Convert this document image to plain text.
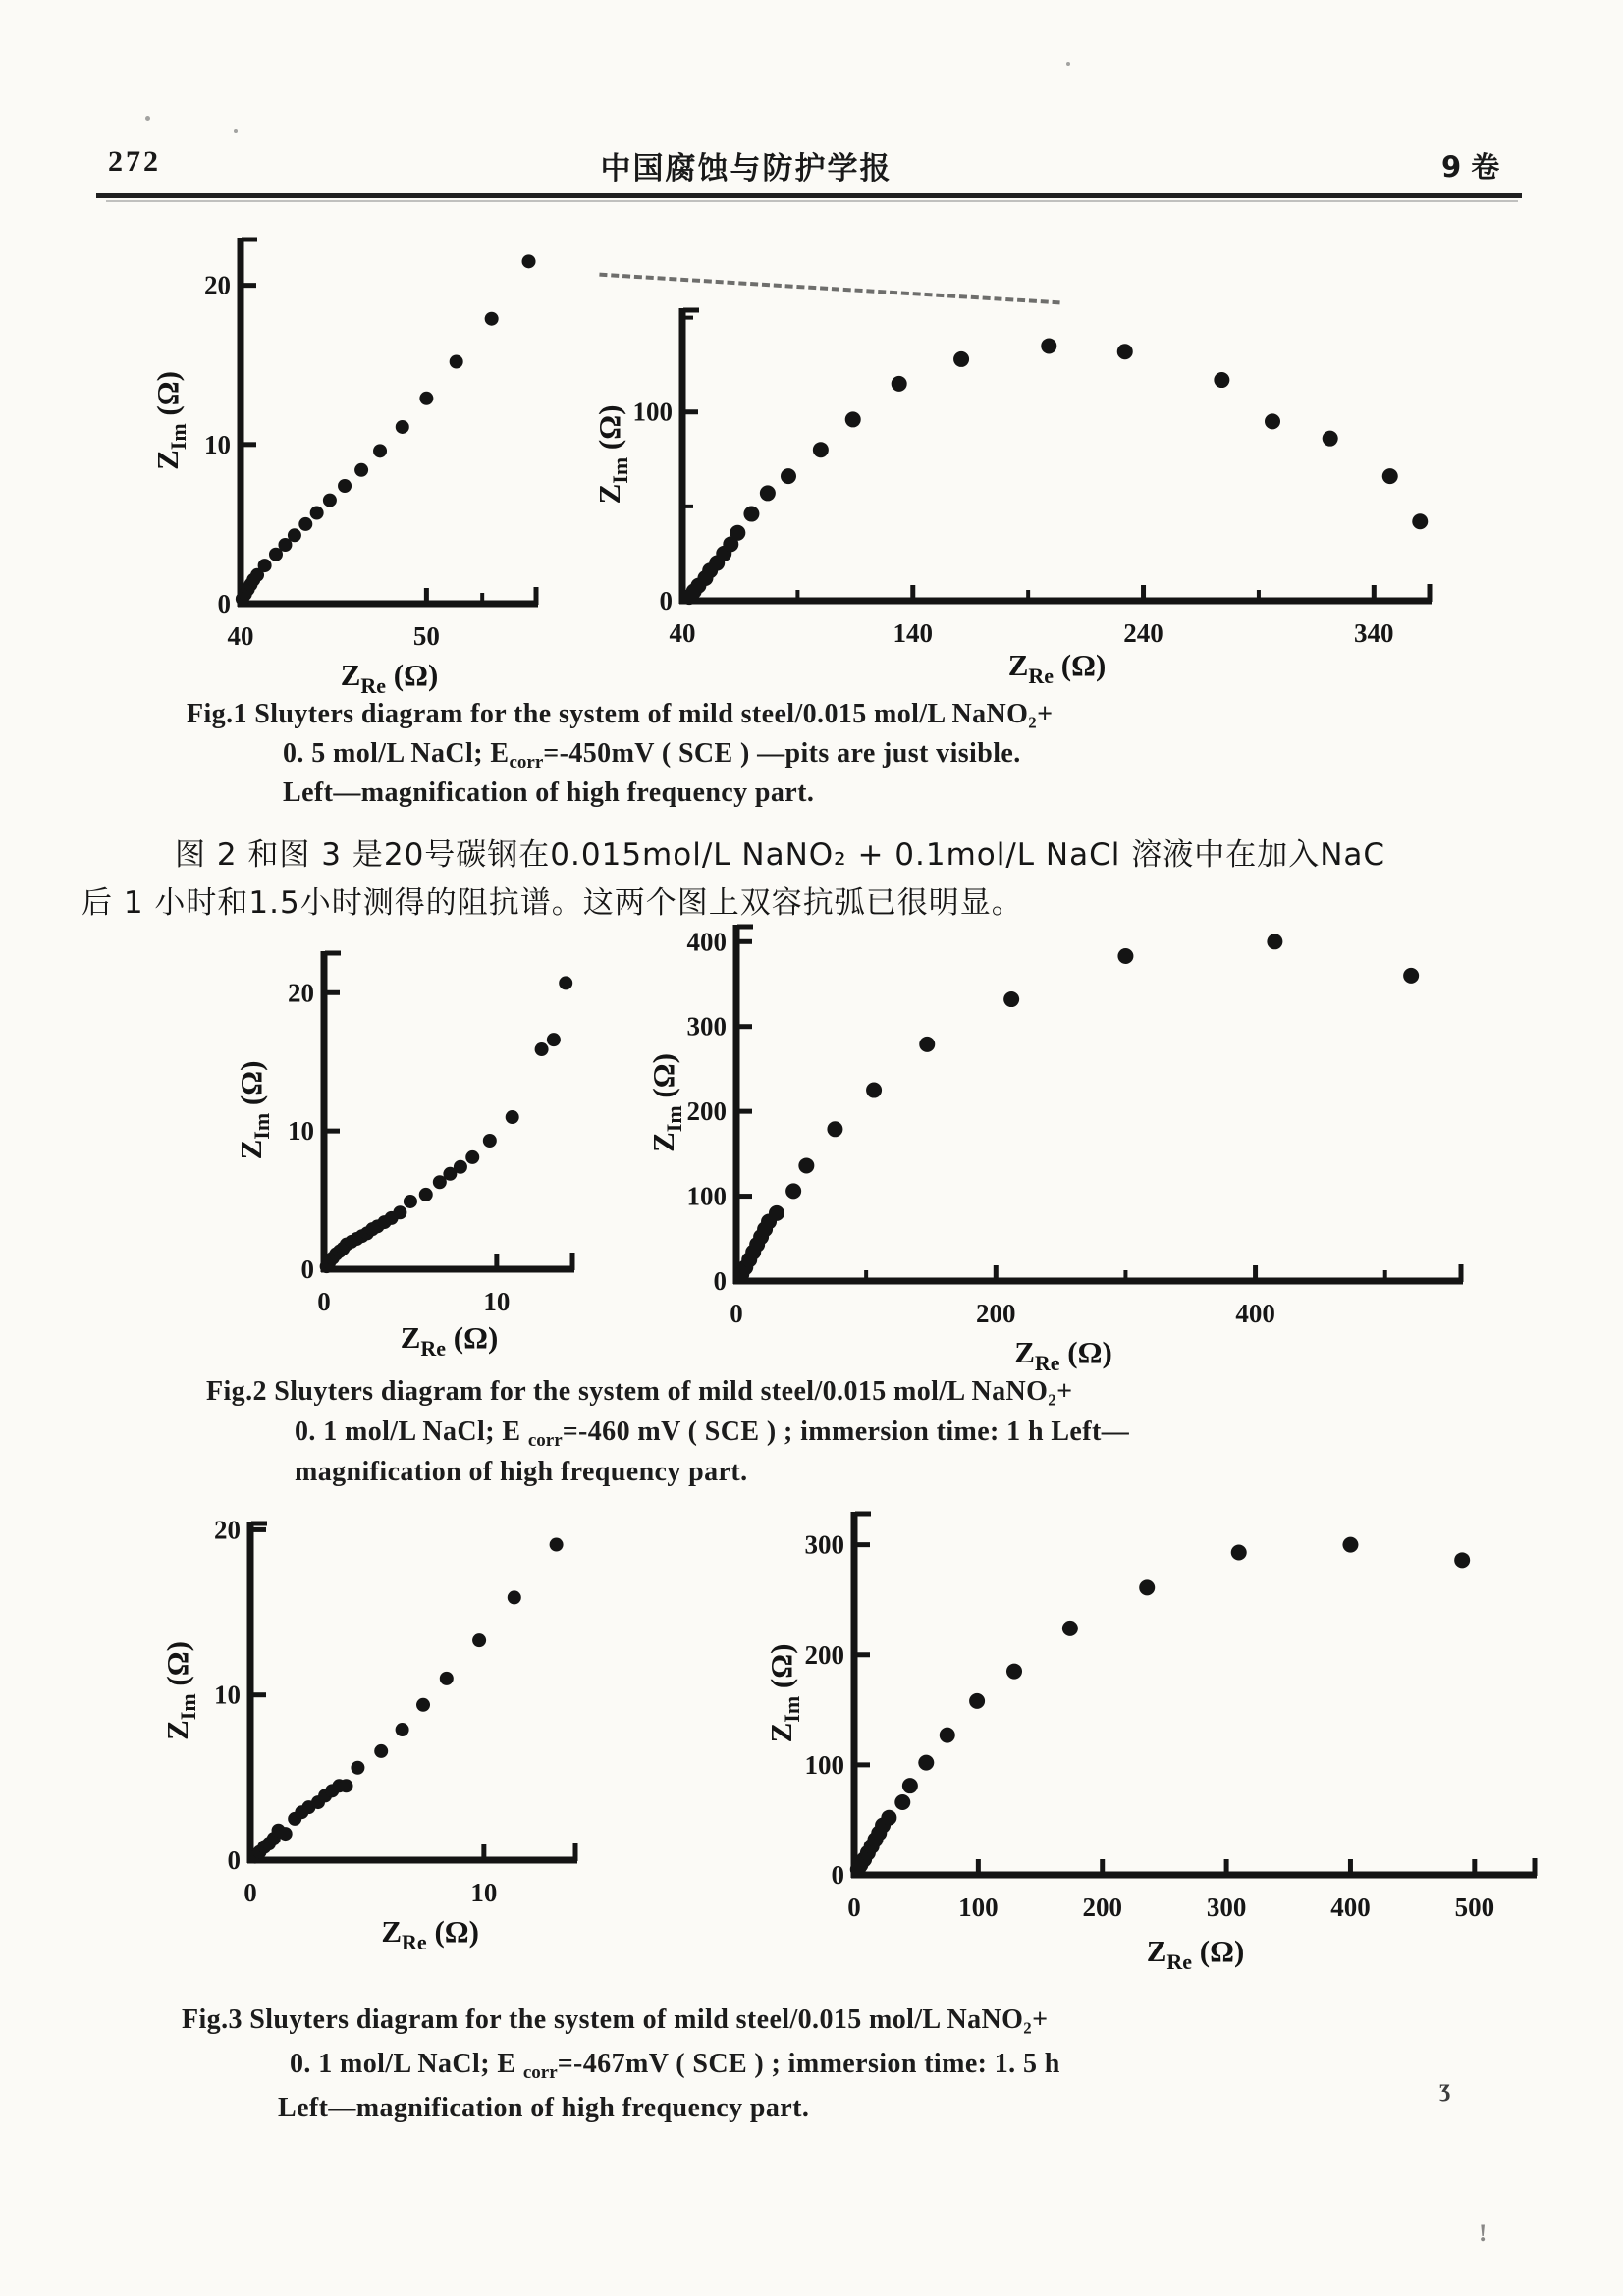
272	中国腐蚀与防护学报	9 卷
ʒ
!
40	50
0
10
20
$Z_{Re}$ (Ω)
$Z_{Im}$ (Ω)
40	140	240	340
0
100
$Z_{Re}$ (Ω)
$Z_{Im}$ (Ω)
Fig.1 Sluyters diagram for the system of mild steel/0.015 mol/L NaNO₂+
0. 5 mol/L NaCl; $E_{corr}=-450mV$ ( SCE ) —pits are just visible.
Left—magnification of high frequency part.
图 2 和图 3 是20号碳钢在0.015mol/L NaNO₂ + 0.1mol/L NaCl 溶液中在加入NaC
后 1 小时和1.5小时测得的阻抗谱。这两个图上双容抗弧已很明显。
0	10
0
10
20
$Z_{Re}$ (Ω)
$Z_{Im}$ (Ω)
0	200	400
0
100
200
300
400
$Z_{Re}$ (Ω)
$Z_{Im}$ (Ω)
Fig.2 Sluyters diagram for the system of mild steel/0.015 mol/L NaNO₂+
0. 1 mol/L NaCl; E $_{corr}$=-460 mV ( SCE ) ; immersion time: 1 h Left—
magnification of high frequency part.
0	10
0
10
20
$Z_{Re}$ (Ω)
$Z_{Im}$ (Ω)
0	100	200	300	400	500
0
100
200
300
$Z_{Re}$ (Ω)
$Z_{Im}$ (Ω)
Fig.3 Sluyters diagram for the system of mild steel/0.015 mol/L NaNO₂+
0. 1 mol/L NaCl; E $_{corr}$=-467mV ( SCE ) ; immersion time: 1. 5 h
Left—magnification of high frequency part.
